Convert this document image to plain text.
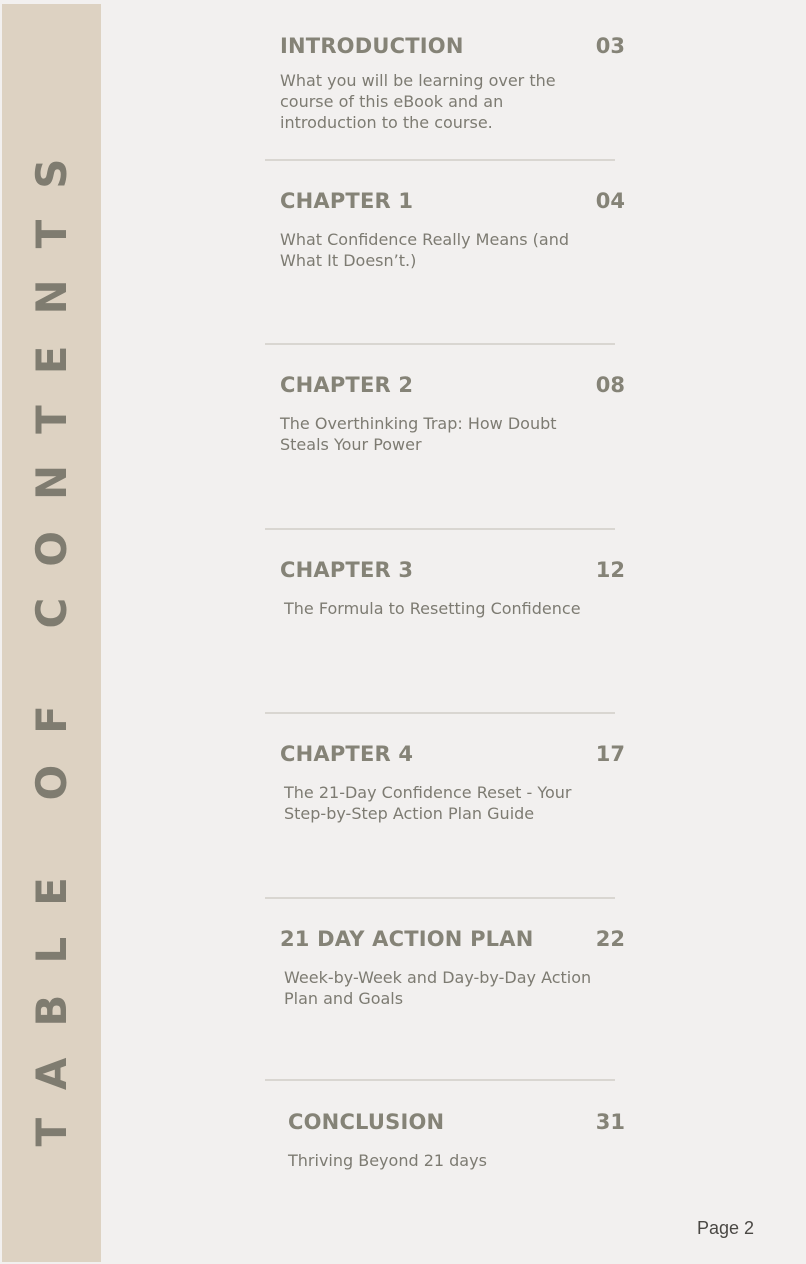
TABLE OF CONTENTS
INTRODUCTION	03
What you will be learning over the course of this eBook and an introduction to the course.
CHAPTER 1	04
What Confidence Really Means (and What It Doesn’t.)
CHAPTER 2	08
The Overthinking Trap: How Doubt Steals Your Power
CHAPTER 3	12
The Formula to Resetting Confidence
CHAPTER 4	17
The 21-Day Confidence Reset - Your Step-by-Step Action Plan Guide
21 DAY ACTION PLAN	22
Week-by-Week and Day-by-Day Action Plan and Goals
CONCLUSION	31
Thriving Beyond 21 days
Page 2
